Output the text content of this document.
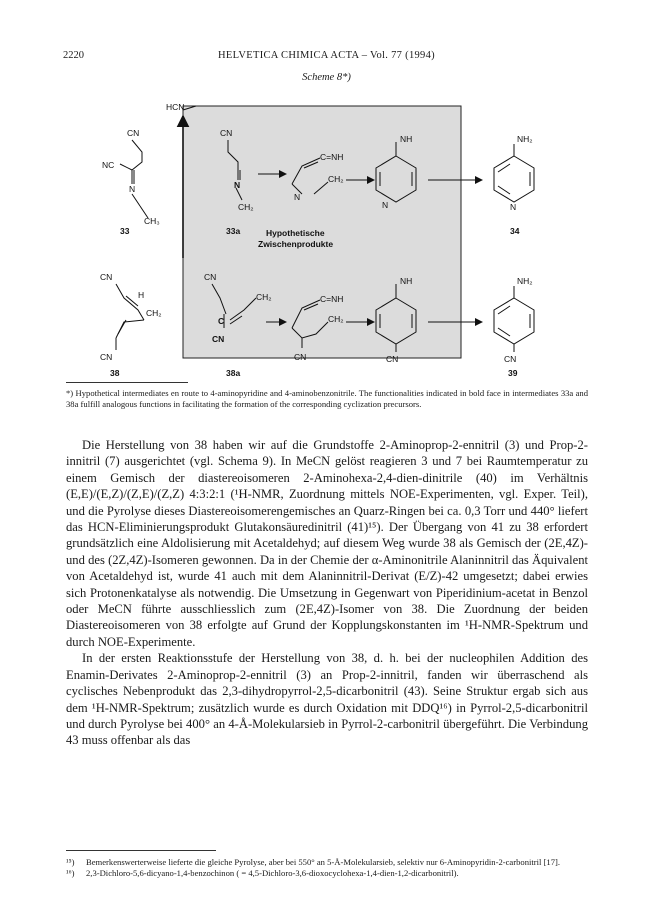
2220	HELVETICA CHIMICA ACTA – Vol. 77 (1994)
Scheme 8*)
HCN
Hypothetische
Zwischenprodukte
CN
NC
N
CH₃
33
CN
N
CH₂
33a
C=NH
N
CH₂
NH
N
NH₂
N
34
CN
H
CH₂
CN
38
CN
C
CH₂
CN
38a
C=NH
CH₂
CN
NH
CN
NH₂
CN
39
*) Hypothetical intermediates en route to 4-aminopyridine and 4-aminobenzonitrile. The functionalities indicated in bold face in intermediates 33a and 38a fulfill analogous functions in facilitating the formation of the corresponding cyclization precursors.

Die Herstellung von 38 haben wir auf die Grundstoffe 2-Aminoprop-2-ennitril (3) und Prop-2-innitril (7) ausgerichtet (vgl. Schema 9). In MeCN gelöst reagieren 3 und 7 bei Raumtemperatur zu einem Gemisch der diastereoisomeren 2-Aminohexa-2,4-dien-dinitrile (40) im Verhältnis (E,E)/(E,Z)/(Z,E)/(Z,Z) 4:3:2:1 (¹H-NMR, Zuordnung mittels NOE-Experimenten, vgl. Exper. Teil), und die Pyrolyse dieses Diastereoisomerengemisches an Quarz-Ringen bei ca. 0,3 Torr und 440° liefert das HCN-Eliminierungsprodukt Glutakonsäuredinitril (41)¹⁵). Der Übergang von 41 zu 38 erfordert grundsätzlich eine Aldolisierung mit Acetaldehyd; auf diesem Weg wurde 38 als Gemisch der (2E,4Z)- und des (2Z,4Z)-Isomeren gewonnen. Da in der Chemie der α-Aminonitrile Alaninnitril das Äquivalent von Acetaldehyd ist, wurde 41 auch mit dem Alaninnitril-Derivat (E/Z)-42 umgesetzt; dabei erwies sich Protonenkatalyse als notwendig. Die Umsetzung in Gegenwart von Piperidinium-acetat in Benzol oder MeCN führte ausschliesslich zum (2E,4Z)-Isomer von 38. Die Zuordnung der beiden Diastereoisomeren von 38 erfolgte auf Grund der Kopplungskonstanten im ¹H-NMR-Spektrum und durch NOE-Experimente.

In der ersten Reaktionsstufe der Herstellung von 38, d. h. bei der nucleophilen Addition des Enamin-Derivates 2-Aminoprop-2-ennitril (3) an Prop-2-innitril, fanden wir überraschend als cyclisches Nebenprodukt das 2,3-dihydropyrrol-2,5-dicarbonitril (43). Seine Struktur ergab sich aus dem ¹H-NMR-Spektrum; zusätzlich wurde es durch Oxidation mit DDQ¹⁶) in Pyrrol-2,5-dicarbonitril und durch Pyrolyse bei 400° an 4-Å-Molekularsieb in Pyrrol-2-carbonitril übergeführt. Die Verbindung 43 muss offenbar als das

¹⁵) Bemerkenswerterweise lieferte die gleiche Pyrolyse, aber bei 550° an 5-Å-Molekularsieb, selektiv nur 6-Aminopyridin-2-carbonitril [17].
¹⁶) 2,3-Dichloro-5,6-dicyano-1,4-benzochinon ( = 4,5-Dichloro-3,6-dioxocyclohexa-1,4-dien-1,2-dicarbonitril).
